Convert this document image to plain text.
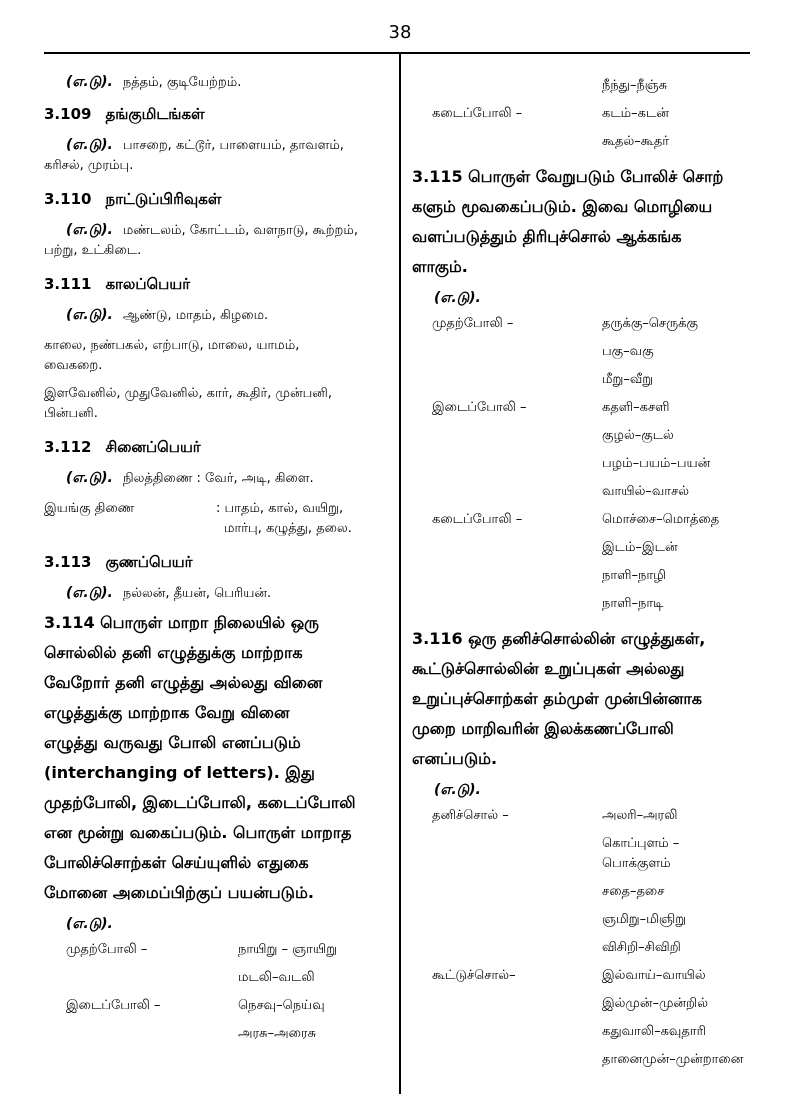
38

(எ.டு). நத்தம், குடியேற்றம்.

3.109 தங்குமிடங்கள்

(எ.டு). பாசறை, கட்டூர், பாளையம், தாவளம்,

கரிசல், முரம்பு.

3.110 நாட்டுப்பிரிவுகள்

(எ.டு). மண்டலம், கோட்டம், வளநாடு, கூற்றம்,

பற்று, உட்கிடை.

3.111 காலப்பெயர்

(எ.டு). ஆண்டு, மாதம், கிழமை.

காலை, நண்பகல், எற்பாடு, மாலை, யாமம்,

வைகறை.

இளவேனில், முதுவேனில், கார், கூதிர், முன்பனி,

பின்பனி.

3.112 சினைப்பெயர்

(எ.டு). நிலத்திணை : வேர், அடி, கிளை.

இயங்கு திணை	: பாதம், கால், வயிறு,
மார்பு, கழுத்து, தலை.

3.113 குணப்பெயர்

(எ.டு). நல்லன், தீயன், பெரியன்.

3.114 பொருள் மாறா நிலையில் ஒரு
சொல்லில் தனி எழுத்துக்கு மாற்றாக
வேறோர் தனி எழுத்து அல்லது வினை
எழுத்துக்கு மாற்றாக வேறு வினை
எழுத்து வருவது போலி எனப்படும்
(interchanging of letters). இது
முதற்போலி, இடைப்போலி, கடைப்போலி
என மூன்று வகைப்படும். பொருள் மாறாத
போலிச்சொற்கள் செய்யுளில் எதுகை
மோனை அமைப்பிற்குப் பயன்படும்.

(எ.டு).

முதற்போலி –	நாயிறு – ஞாயிறு
மடலி–வடலி
இடைப்போலி –	நெசவு–நெய்வு
அரசு–அரைசு
நீந்து–நீஞ்சு
கடைப்போலி –	கடம்–கடன்
கூதல்–கூதர்
3.115 பொருள் வேறுபடும் போலிச் சொற்
களும் மூவகைப்படும். இவை மொழியை
வளப்படுத்தும் திரிபுச்சொல் ஆக்கங்க
ளாகும்.

(எ.டு).

முதற்போலி –	தருக்கு–செருக்கு
பகு–வகு
மீறு–வீறு
இடைப்போலி –	கதளி–கசளி
குழல்–குடல்
பழம்–பயம்–பயன்
வாயில்–வாசல்
கடைப்போலி –	மொச்சை–மொத்தை
இடம்–இடன்
நாளி–நாழி
நாளி–நாடி
3.116 ஒரு தனிச்சொல்லின் எழுத்துகள்,
கூட்டுச்சொல்லின் உறுப்புகள் அல்லது
உறுப்புச்சொற்கள் தம்முள் முன்பின்னாக
முறை மாறிவரின் இலக்கணப்போலி
எனப்படும்.

(எ.டு).

தனிச்சொல் –	அலரி–அரலி
கொப்புளம் – பொக்குளம்
சதை–தசை
ஞமிறு–மிஞிறு
விசிறி–சிவிறி
கூட்டுச்சொல்–	இல்வாய்–வாயில்
இல்முன்–முன்றில்
கதுவாலி–கவுதாரி
தானைமுன்–முன்றானை
